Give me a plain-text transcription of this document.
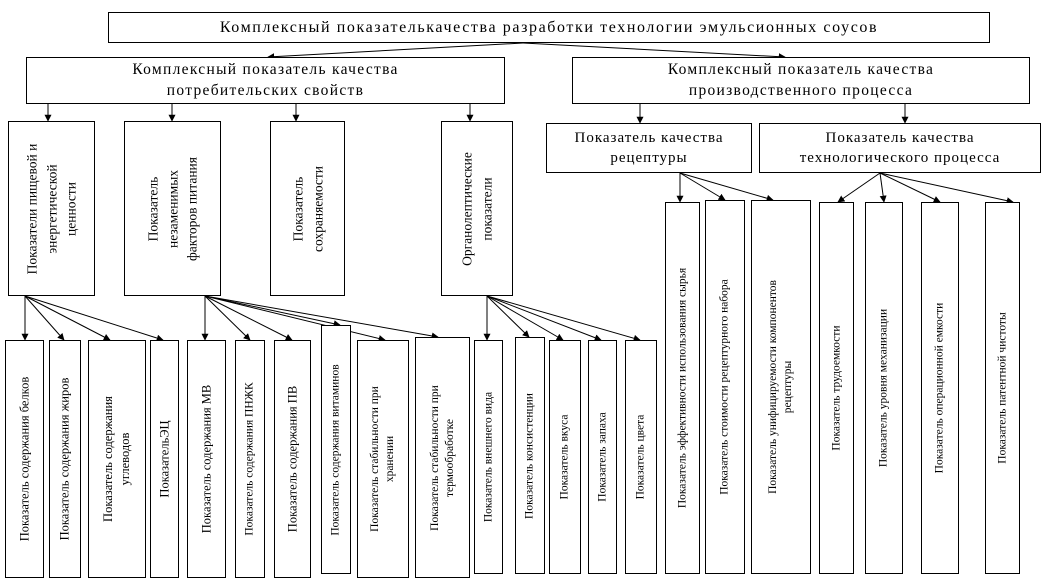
Комплексный показателькачества разработки технологии эмульсионных соусов
Комплексный показатель качества
потребительских свойств
Комплексный показатель качества
производственного процесса
Показатель качества
рецептуры
Показатель качества
технологического процесса
Показатели пищевой и энергетической ценности	Показатель незаменимых факторов питания	Показатель сохраняемости	Органолептические показатели
Показатель содержания белков Показатель содержания жиров Показатель содержания углеводов ПоказательЭЦ Показатель содержания МВ	Показатель содержания ПНЖК Показатель содержания ПВ	Показатель содержания витаминов Показатель стабильности при хранении	Показатель стабильности при термообработке Показатель внешнего вида	Показатель консистенции Показатель вкуса Показатель запаха Показатель цвета	Показатель эффективности использования сырья	Показатель стоимости рецептурного набора	Показатель унифицируемости компонентов рецептуры	Показатель трудоемкости	Показатель уровня механизации	Показатель операционной емкости	Показатель патентной чистоты
